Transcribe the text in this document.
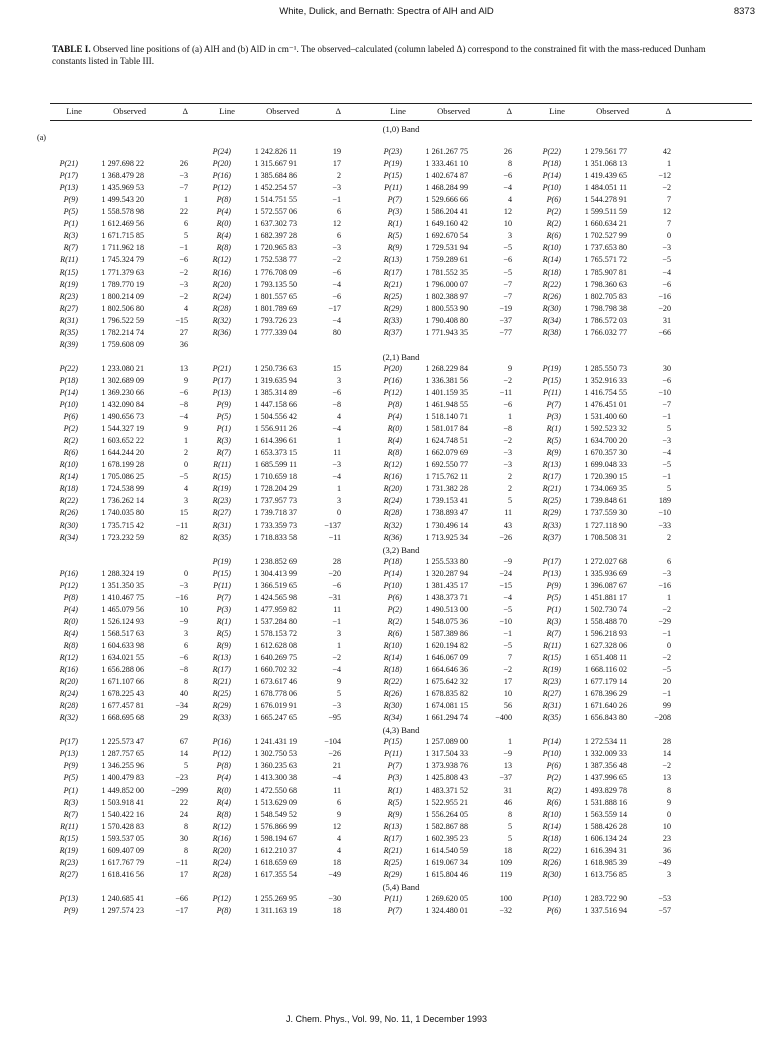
White, Dulick, and Bernath: Spectra of AlH and AlD	8373
TABLE I. Observed line positions of (a) AlH and (b) AlD in cm⁻¹. The observed–calculated (column labeled Δ) correspond to the constrained fit with the mass-reduced Dunham constants listed in Table III.
Line	Observed	Δ	Line	Observed	Δ	Line	Observed	Δ	Line	Observed	Δ
(1,0) Band
(a)
P(24)	1 242.826 11	19	P(23)	1 261.267 75	26	P(22)	1 279.561 77	42
P(21)	1 297.698 22	26	P(20)	1 315.667 91	17	P(19)	1 333.461 10	8	P(18)	1 351.068 13	1
P(17)	1 368.479 28	−3	P(16)	1 385.684 86	2	P(15)	1 402.674 87	−6	P(14)	1 419.439 65	−12
P(13)	1 435.969 53	−7	P(12)	1 452.254 57	−3	P(11)	1 468.284 99	−4	P(10)	1 484.051 11	−2
P(9)	1 499.543 20	1	P(8)	1 514.751 55	−1	P(7)	1 529.666 66	4	P(6)	1 544.278 91	7
P(5)	1 558.578 98	22	P(4)	1 572.557 06	6	P(3)	1 586.204 41	12	P(2)	1 599.511 59	12
P(1)	1 612.469 56	6	R(0)	1 637.302 73	12	R(1)	1 649.160 42	10	R(2)	1 660.634 21	7
R(3)	1 671.715 85	5	R(4)	1 682.397 28	6	R(5)	1 692.670 54	3	R(6)	1 702.527 99	0
R(7)	1 711.962 18	−1	R(8)	1 720.965 83	−3	R(9)	1 729.531 94	−5	R(10)	1 737.653 80	−3
R(11)	1 745.324 79	−6	R(12)	1 752.538 77	−2	R(13)	1 759.289 61	−6	R(14)	1 765.571 72	−5
R(15)	1 771.379 63	−2	R(16)	1 776.708 09	−6	R(17)	1 781.552 35	−5	R(18)	1 785.907 81	−4
R(19)	1 789.770 19	−3	R(20)	1 793.135 50	−4	R(21)	1 796.000 07	−7	R(22)	1 798.360 63	−6
R(23)	1 800.214 09	−2	R(24)	1 801.557 65	−6	R(25)	1 802.388 97	−7	R(26)	1 802.705 83	−16
R(27)	1 802.506 80	4	R(28)	1 801.789 69	−17	R(29)	1 800.553 90	−19	R(30)	1 798.798 38	−20
R(31)	1 796.522 59	−15	R(32)	1 793.726 23	−4	R(33)	1 790.408 80	−37	R(34)	1 786.572 03	31
R(35)	1 782.214 74	27	R(36)	1 777.339 04	80	R(37)	1 771.943 35	−77	R(38)	1 766.032 77	−66
R(39)	1 759.608 09	36
(2,1) Band
P(22)	1 233.080 21	13	P(21)	1 250.736 63	15	P(20)	1 268.229 84	9	P(19)	1 285.550 73	30
P(18)	1 302.689 09	9	P(17)	1 319.635 94	3	P(16)	1 336.381 56	−2	P(15)	1 352.916 33	−6
P(14)	1 369.230 66	−6	P(13)	1 385.314 89	−6	P(12)	1 401.159 35	−11	P(11)	1 416.754 55	−10
P(10)	1 432.090 84	−8	P(9)	1 447.158 66	−8	P(8)	1 461.948 55	−6	P(7)	1 476.451 01	−7
P(6)	1 490.656 73	−4	P(5)	1 504.556 42	4	P(4)	1 518.140 71	1	P(3)	1 531.400 60	−1
P(2)	1 544.327 19	9	P(1)	1 556.911 26	−4	R(0)	1 581.017 84	−8	R(1)	1 592.523 32	5
R(2)	1 603.652 22	1	R(3)	1 614.396 61	1	R(4)	1 624.748 51	−2	R(5)	1 634.700 20	−3
R(6)	1 644.244 20	2	R(7)	1 653.373 15	11	R(8)	1 662.079 69	−3	R(9)	1 670.357 30	−4
R(10)	1 678.199 28	0	R(11)	1 685.599 11	−3	R(12)	1 692.550 77	−3	R(13)	1 699.048 33	−5
R(14)	1 705.086 25	−5	R(15)	1 710.659 18	−4	R(16)	1 715.762 11	2	R(17)	1 720.390 15	−1
R(18)	1 724.538 99	4	R(19)	1 728.204 29	1	R(20)	1 731.382 28	2	R(21)	1 734.069 35	5
R(22)	1 736.262 14	3	R(23)	1 737.957 73	3	R(24)	1 739.153 41	5	R(25)	1 739.848 61	189
R(26)	1 740.035 80	15	R(27)	1 739.718 37	0	R(28)	1 738.893 47	11	R(29)	1 737.559 30	−10
R(30)	1 735.715 42	−11	R(31)	1 733.359 73	−137	R(32)	1 730.496 14	43	R(33)	1 727.118 90	−33
R(34)	1 723.232 59	82	R(35)	1 718.833 58	−11	R(36)	1 713.925 34	−26	R(37)	1 708.508 31	2
(3,2) Band
P(19)	1 238.852 69	28	P(18)	1 255.533 80	−9	P(17)	1 272.027 68	6
P(16)	1 288.324 19	0	P(15)	1 304.413 99	−20	P(14)	1 320.287 94	−24	P(13)	1 335.936 69	−3
P(12)	1 351.350 35	−3	P(11)	1 366.519 65	−6	P(10)	1 381.435 17	−15	P(9)	1 396.087 67	−16
P(8)	1 410.467 75	−16	P(7)	1 424.565 98	−31	P(6)	1 438.373 71	−4	P(5)	1 451.881 17	1
P(4)	1 465.079 56	10	P(3)	1 477.959 82	11	P(2)	1 490.513 00	−5	P(1)	1 502.730 74	−2
R(0)	1 526.124 93	−9	R(1)	1 537.284 80	−1	R(2)	1 548.075 36	−10	R(3)	1 558.488 70	−29
R(4)	1 568.517 63	3	R(5)	1 578.153 72	3	R(6)	1 587.389 86	−1	R(7)	1 596.218 93	−1
R(8)	1 604.633 98	6	R(9)	1 612.628 08	1	R(10)	1 620.194 82	−5	R(11)	1 627.328 06	0
R(12)	1 634.021 55	−6	R(13)	1 640.269 75	−2	R(14)	1 646.067 09	7	R(15)	1 651.408 11	−2
R(16)	1 656.288 06	−8	R(17)	1 660.702 32	−4	R(18)	1 664.646 36	−2	R(19)	1 668.116 02	−5
R(20)	1 671.107 66	8	R(21)	1 673.617 46	9	R(22)	1 675.642 32	17	R(23)	1 677.179 14	20
R(24)	1 678.225 43	40	R(25)	1 678.778 06	5	R(26)	1 678.835 82	10	R(27)	1 678.396 29	−1
R(28)	1 677.457 81	−34	R(29)	1 676.019 91	−3	R(30)	1 674.081 15	56	R(31)	1 671.640 26	99
R(32)	1 668.695 68	29	R(33)	1 665.247 65	−95	R(34)	1 661.294 74	−400	R(35)	1 656.843 80	−208
(4,3) Band
P(17)	1 225.573 47	67	P(16)	1 241.431 19	−104	P(15)	1 257.089 00	1	P(14)	1 272.534 11	28
P(13)	1 287.757 65	14	P(12)	1 302.750 53	−26	P(11)	1 317.504 33	−9	P(10)	1 332.009 33	14
P(9)	1 346.255 96	5	P(8)	1 360.235 63	21	P(7)	1 373.938 76	13	P(6)	1 387.356 48	−2
P(5)	1 400.479 83	−23	P(4)	1 413.300 38	−4	P(3)	1 425.808 43	−37	P(2)	1 437.996 65	13
P(1)	1 449.852 00	−299	R(0)	1 472.550 68	11	R(1)	1 483.371 52	31	R(2)	1 493.829 78	8
R(3)	1 503.918 41	22	R(4)	1 513.629 09	6	R(5)	1 522.955 21	46	R(6)	1 531.888 16	9
R(7)	1 540.422 16	24	R(8)	1 548.549 52	9	R(9)	1 556.264 05	8	R(10)	1 563.559 14	0
R(11)	1 570.428 83	8	R(12)	1 576.866 99	12	R(13)	1 582.867 88	5	R(14)	1 588.426 28	10
R(15)	1 593.537 05	30	R(16)	1 598.194 67	4	R(17)	1 602.395 23	5	R(18)	1 606.134 24	23
R(19)	1 609.407 09	8	R(20)	1 612.210 37	4	R(21)	1 614.540 59	18	R(22)	1 616.394 31	36
R(23)	1 617.767 79	−11	R(24)	1 618.659 69	18	R(25)	1 619.067 34	109	R(26)	1 618.985 39	−49
R(27)	1 618.416 56	17	R(28)	1 617.355 54	−49	R(29)	1 615.804 46	119	R(30)	1 613.756 85	3
(5,4) Band
P(13)	1 240.685 41	−66	P(12)	1 255.269 95	−30	P(11)	1 269.620 05	100	P(10)	1 283.722 90	−53
P(9)	1 297.574 23	−17	P(8)	1 311.163 19	18	P(7)	1 324.480 01	−32	P(6)	1 337.516 94	−57
J. Chem. Phys., Vol. 99, No. 11, 1 December 1993
